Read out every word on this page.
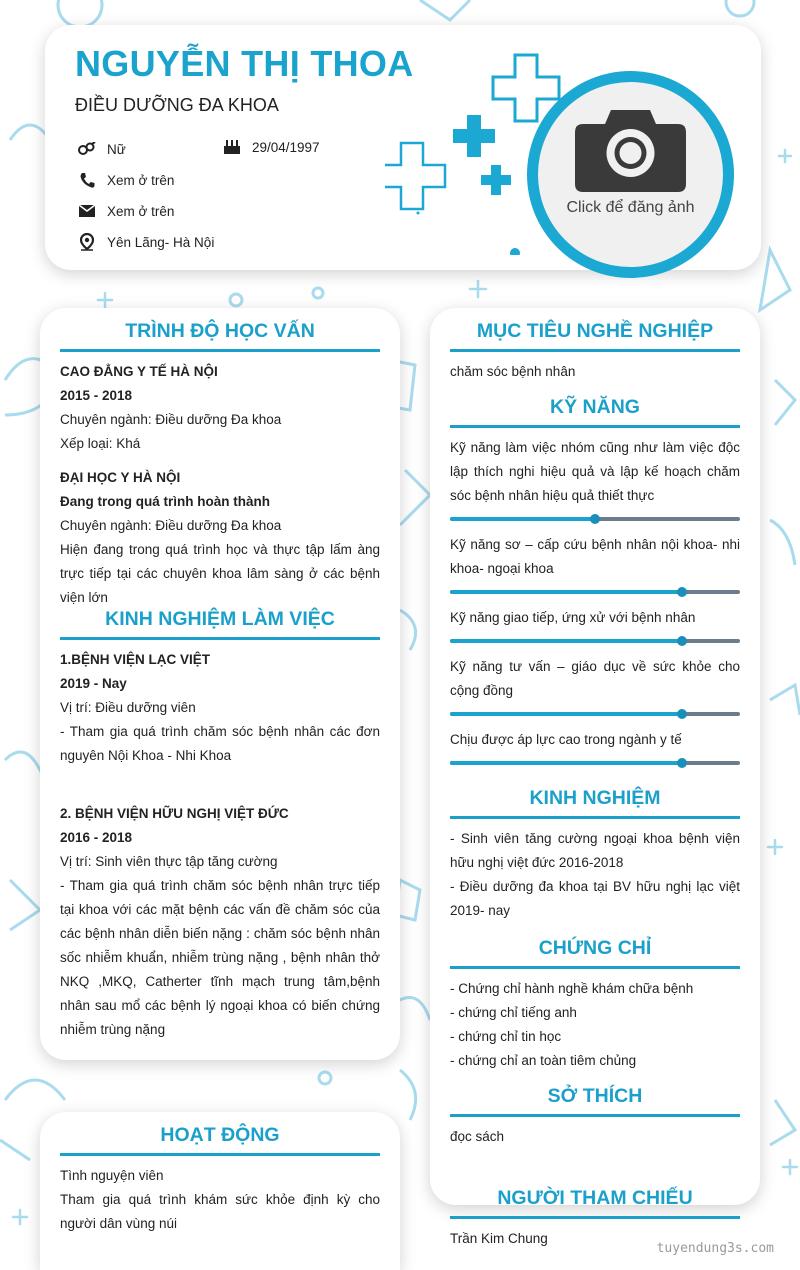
NGUYỄN THỊ THOA
ĐIỀU DƯỠNG ĐA KHOA
Nữ	29/04/1997
Xem ở trên
Xem ở trên
Yên Lãng- Hà Nội
Click để đăng ảnh
TRÌNH ĐỘ HỌC VẤN
CAO ĐẲNG Y TẾ HÀ NỘI
2015 - 2018
Chuyên ngành: Điều dưỡng Đa khoa
Xếp loại: Khá
ĐẠI HỌC Y HÀ NỘI
Đang trong quá trình hoàn thành
Chuyên ngành: Điều dưỡng Đa khoa
Hiện đang trong quá trình học và thực tập lấm àng trực tiếp tại các chuyên khoa lâm sàng ở các bệnh viện lớn
KINH NGHIỆM LÀM VIỆC
1.BỆNH VIỆN LẠC VIỆT
2019 - Nay
Vị trí: Điều dưỡng viên
- Tham gia quá trình chăm sóc bệnh nhân các đơn nguyên Nội Khoa - Nhi Khoa
2. BỆNH VIỆN HỮU NGHỊ VIỆT ĐỨC
2016 - 2018
Vị trí: Sinh viên thực tập tăng cường
- Tham gia quá trình chăm sóc bệnh nhân trực tiếp tại khoa với các mặt bệnh các vấn đề chăm sóc của các bệnh nhân diễn biến nặng : chăm sóc bệnh nhân sốc nhiễm khuẩn, nhiễm trùng nặng , bệnh nhân thở NKQ ,MKQ, Catherter tĩnh mạch trung tâm,bệnh nhân sau mổ các bệnh lý ngoại khoa có biến chứng nhiễm trùng nặng
HOẠT ĐỘNG
Tình nguyện viên
Tham gia quá trình khám sức khỏe định kỳ cho người dân vùng núi
MỤC TIÊU NGHỀ NGHIỆP
chăm sóc bệnh nhân
KỸ NĂNG
Kỹ năng làm việc nhóm cũng như làm việc độc lập thích nghi hiệu quả và lập kế hoạch chăm sóc bệnh nhân hiệu quả thiết thực
Kỹ năng sơ – cấp cứu bệnh nhân nội khoa- nhi khoa- ngoại khoa
Kỹ năng giao tiếp, ứng xử với bệnh nhân
Kỹ năng tư vấn – giáo dục về sức khỏe cho cộng đồng
Chịu được áp lực cao trong ngành y tế
KINH NGHIỆM
- Sinh viên tăng cường ngoại khoa bệnh viện hữu nghị việt đức 2016-2018
- Điều dưỡng đa khoa tại BV hữu nghị lạc việt 2019- nay
CHỨNG CHỈ
- Chứng chỉ hành nghề khám chữa bệnh
- chứng chỉ tiếng anh
- chứng chỉ tin học
- chứng chỉ an toàn tiêm chủng
SỞ THÍCH
đọc sách
NGƯỜI THAM CHIẾU
Trần Kim Chung
tuyendung3s.com
